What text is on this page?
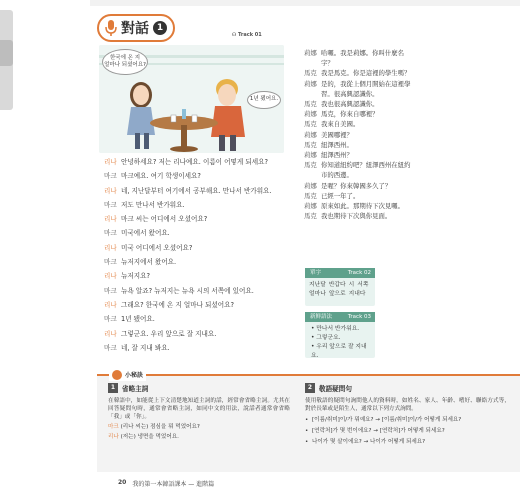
對話 1
☊ Track 01
한국에 온 지
얼마나 되셨어요?
1년 됐어요.
리나 안녕하세요? 저는 리나예요. 이름이 어떻게 되세요?
마크 마크예요. 여기 학생이세요?
리나 네, 지난달부터 여기에서 공부해요. 만나서 반가워요.
마크 저도 만나서 반가워요.
리나 마크 씨는 어디에서 오셨어요?
마크 미국에서 왔어요.
리나 미국 어디에서 오셨어요?
마크 뉴저지에서 왔어요.
리나 뉴저지요?
마크 뉴욕 알죠? 뉴저지는 뉴욕 시의 서쪽에 있어요.
리나 그래요? 한국에 온 지 얼마나 되셨어요?
마크 1년 됐어요.
리나 그렇군요. 우리 앞으로 잘 지내요.
마크 네, 잘 지내 봐요.
莉娜 哈囉。我是莉娜。你叫什麼名字？
馬克 我是馬克。你是這裡的學生嗎？
莉娜 是的，我從上個月開始在這裡學習。很高興認識你。
馬克 我也很高興認識你。
莉娜 馬克，你來自哪裡？
馬克 我來自美國。
莉娜 美國哪裡？
馬克 紐澤西州。
莉娜 紐澤西州？
馬克 你知道紐約吧？紐澤西州在紐約市的西邊。
莉娜 是喔？你來韓國多久了？
馬克 已經一年了。
莉娜 原來如此。那期待下次見囉。
馬克 我也期待下次與你見面。
單字	Track 02
지난달 반갑다 시 서쪽
얼마나 앞으로 지내다
新鮮語法	Track 03
• 만나서 반가워요.
• 그렇군요.
• 우리 앞으로 잘 지내요.
小秘訣
1	省略主詞
在韓語中，如能從上下文清楚地知道主詞的話，經常會省略主詞。尤其在回答疑問句時，通常會省略主詞，如同中文的用法，說話者通常會省略「我」或「你」。
마크 (리나 씨는) 점심을 뭐 먹었어요?
리나 (저는) 냉면을 먹었어요.
2	敬語疑問句
使用敬語的疑問句詢問他人的資料時，如姓名、家人、年齡、嗜好、聯絡方式等，對於長輩或是陌生人，通常以下列方式詢問。
• [이름/취미]이/가 뭐예요? → [이름/취미]이/가 어떻게 되세요?
• [연락처]가 몇 번이에요? → [연락처]가 어떻게 되세요?
• 나이가 몇 살이에요? → 나이가 어떻게 되세요?
20 我的第一本韓語課本 — 進階篇
